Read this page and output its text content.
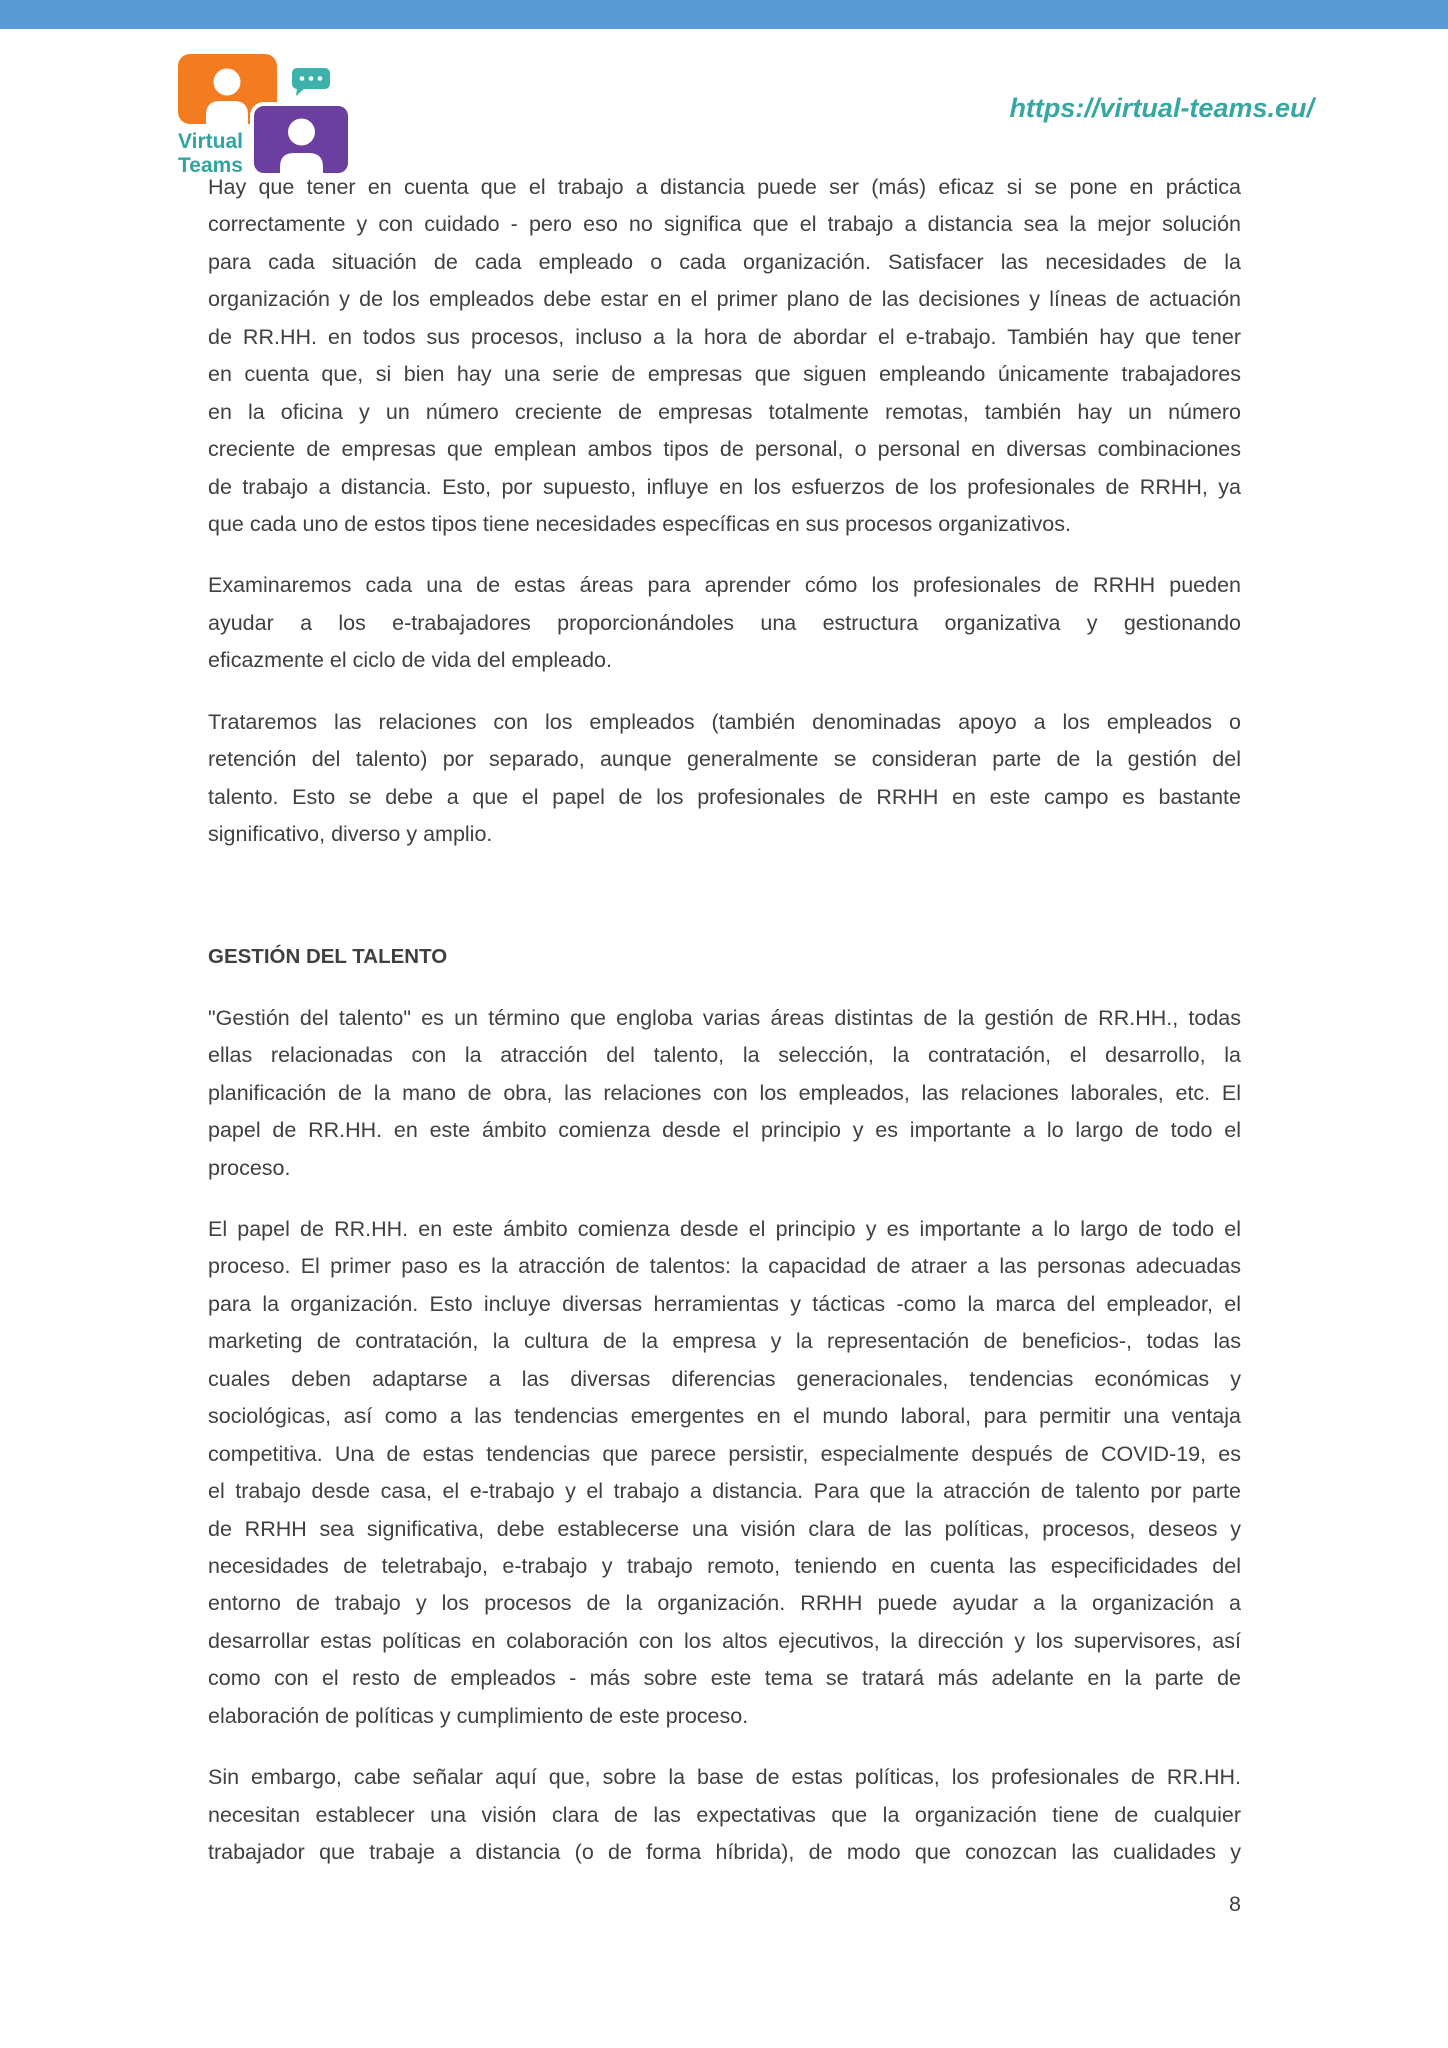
Virtual
Teams
https://virtual-teams.eu/
Hay que tener en cuenta que el trabajo a distancia puede ser (más) eficaz si se pone en práctica
correctamente y con cuidado - pero eso no significa que el trabajo a distancia sea la mejor solución
para cada situación de cada empleado o cada organización. Satisfacer las necesidades de la
organización y de los empleados debe estar en el primer plano de las decisiones y líneas de actuación
de RR.HH. en todos sus procesos, incluso a la hora de abordar el e-trabajo. También hay que tener
en cuenta que, si bien hay una serie de empresas que siguen empleando únicamente trabajadores
en la oficina y un número creciente de empresas totalmente remotas, también hay un número
creciente de empresas que emplean ambos tipos de personal, o personal en diversas combinaciones
de trabajo a distancia. Esto, por supuesto, influye en los esfuerzos de los profesionales de RRHH, ya
que cada uno de estos tipos tiene necesidades específicas en sus procesos organizativos.
Examinaremos cada una de estas áreas para aprender cómo los profesionales de RRHH pueden
ayudar a los e-trabajadores proporcionándoles una estructura organizativa y gestionando
eficazmente el ciclo de vida del empleado.
Trataremos las relaciones con los empleados (también denominadas apoyo a los empleados o
retención del talento) por separado, aunque generalmente se consideran parte de la gestión del
talento. Esto se debe a que el papel de los profesionales de RRHH en este campo es bastante
significativo, diverso y amplio.
GESTIÓN DEL TALENTO
"Gestión del talento" es un término que engloba varias áreas distintas de la gestión de RR.HH., todas
ellas relacionadas con la atracción del talento, la selección, la contratación, el desarrollo, la
planificación de la mano de obra, las relaciones con los empleados, las relaciones laborales, etc. El
papel de RR.HH. en este ámbito comienza desde el principio y es importante a lo largo de todo el
proceso.
El papel de RR.HH. en este ámbito comienza desde el principio y es importante a lo largo de todo el
proceso. El primer paso es la atracción de talentos: la capacidad de atraer a las personas adecuadas
para la organización. Esto incluye diversas herramientas y tácticas -como la marca del empleador, el
marketing de contratación, la cultura de la empresa y la representación de beneficios-, todas las
cuales deben adaptarse a las diversas diferencias generacionales, tendencias económicas y
sociológicas, así como a las tendencias emergentes en el mundo laboral, para permitir una ventaja
competitiva. Una de estas tendencias que parece persistir, especialmente después de COVID-19, es
el trabajo desde casa, el e-trabajo y el trabajo a distancia. Para que la atracción de talento por parte
de RRHH sea significativa, debe establecerse una visión clara de las políticas, procesos, deseos y
necesidades de teletrabajo, e-trabajo y trabajo remoto, teniendo en cuenta las especificidades del
entorno de trabajo y los procesos de la organización. RRHH puede ayudar a la organización a
desarrollar estas políticas en colaboración con los altos ejecutivos, la dirección y los supervisores, así
como con el resto de empleados - más sobre este tema se tratará más adelante en la parte de
elaboración de políticas y cumplimiento de este proceso.
Sin embargo, cabe señalar aquí que, sobre la base de estas políticas, los profesionales de RR.HH.
necesitan establecer una visión clara de las expectativas que la organización tiene de cualquier
trabajador que trabaje a distancia (o de forma híbrida), de modo que conozcan las cualidades y
8
